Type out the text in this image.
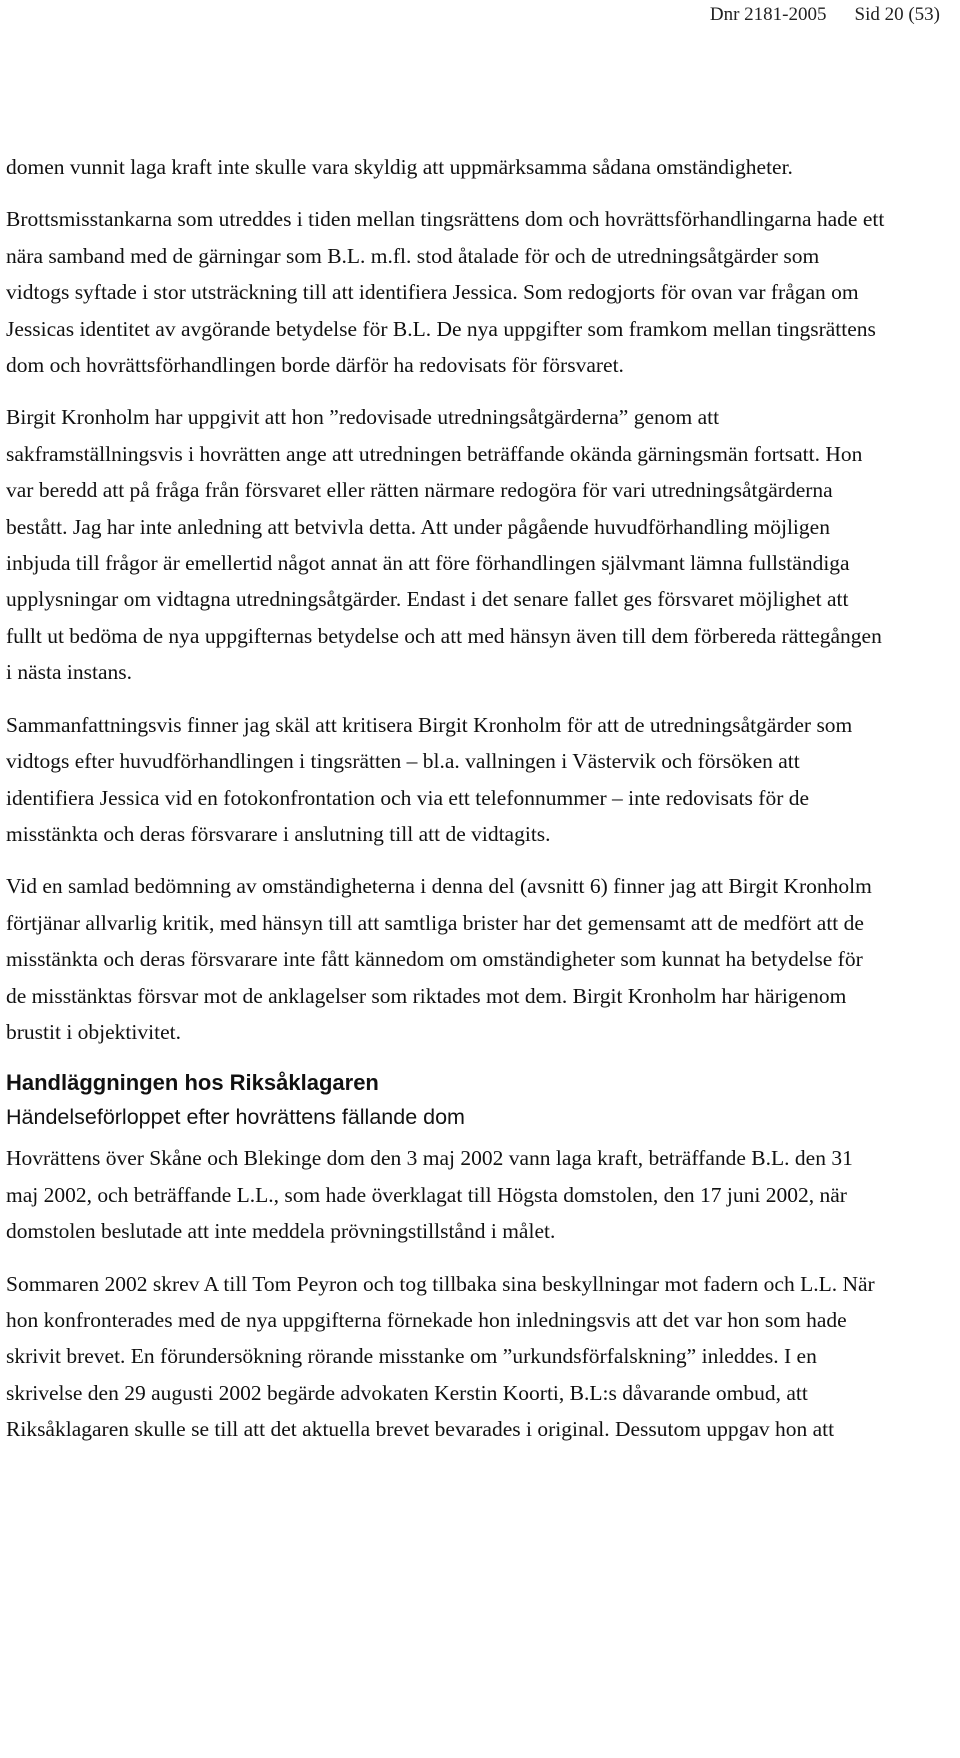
Dnr 2181-2005 Sid 20 (53)

domen vunnit laga kraft inte skulle vara skyldig att uppmärksamma sådana omständigheter.

Brottsmisstankarna som utreddes i tiden mellan tingsrättens dom och hovrättsförhandlingarna hade ett nära samband med de gärningar som B.L. m.fl. stod åtalade för och de utredningsåtgärder som vidtogs syftade i stor utsträckning till att identifiera Jessica. Som redogjorts för ovan var frågan om Jessicas identitet av avgörande betydelse för B.L. De nya uppgifter som framkom mellan tingsrättens dom och hovrättsförhandlingen borde därför ha redovisats för försvaret.

Birgit Kronholm har uppgivit att hon ”redovisade utredningsåtgärderna” genom att sakframställningsvis i hovrätten ange att utredningen beträffande okända gärningsmän fortsatt. Hon var beredd att på fråga från försvaret eller rätten närmare redogöra för vari utredningsåtgärderna bestått. Jag har inte anledning att betvivla detta. Att under pågående huvudförhandling möjligen inbjuda till frågor är emellertid något annat än att före förhandlingen självmant lämna fullständiga upplysningar om vidtagna utredningsåtgärder. Endast i det senare fallet ges försvaret möjlighet att fullt ut bedöma de nya uppgifternas betydelse och att med hänsyn även till dem förbereda rättegången i nästa instans.

Sammanfattningsvis finner jag skäl att kritisera Birgit Kronholm för att de utredningsåtgärder som vidtogs efter huvudförhandlingen i tingsrätten – bl.a. vallningen i Västervik och försöken att identifiera Jessica vid en fotokonfrontation och via ett telefonnummer – inte redovisats för de misstänkta och deras försvarare i anslutning till att de vidtagits.

Vid en samlad bedömning av omständigheterna i denna del (avsnitt 6) finner jag att Birgit Kronholm förtjänar allvarlig kritik, med hänsyn till att samtliga brister har det gemensamt att de medfört att de misstänkta och deras försvarare inte fått kännedom om omständigheter som kunnat ha betydelse för de misstänktas försvar mot de anklagelser som riktades mot dem. Birgit Kronholm har härigenom brustit i objektivitet.

Handläggningen hos Riksåklagaren
Händelseförloppet efter hovrättens fällande dom

Hovrättens över Skåne och Blekinge dom den 3 maj 2002 vann laga kraft, beträffande B.L. den 31 maj 2002, och beträffande L.L., som hade överklagat till Högsta domstolen, den 17 juni 2002, när domstolen beslutade att inte meddela prövningstillstånd i målet.

Sommaren 2002 skrev A till Tom Peyron och tog tillbaka sina beskyllningar mot fadern och L.L. När hon konfronterades med de nya uppgifterna förnekade hon inledningsvis att det var hon som hade skrivit brevet. En förundersökning rörande misstanke om ”urkundsförfalskning” inleddes. I en skrivelse den 29 augusti 2002 begärde advokaten Kerstin Koorti, B.L:s dåvarande ombud, att Riksåklagaren skulle se till att det aktuella brevet bevarades i original. Dessutom uppgav hon att
